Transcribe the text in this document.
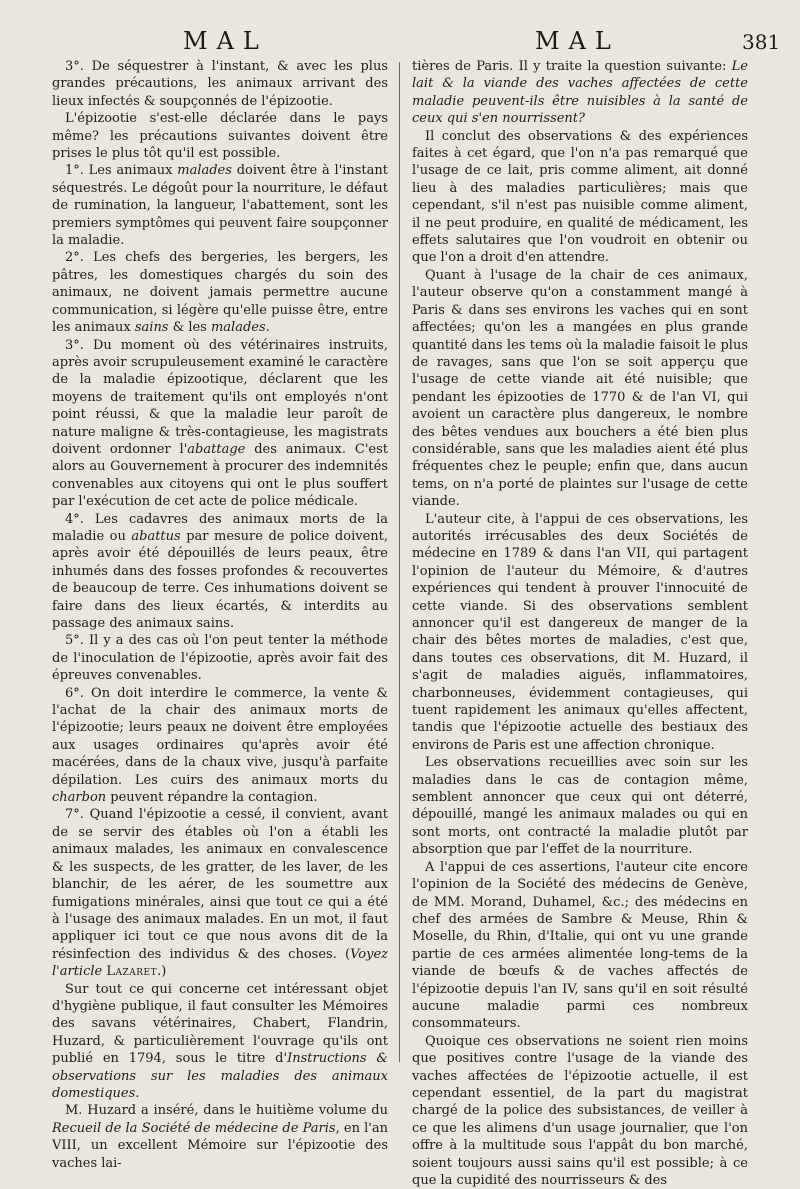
MAL	MAL	381

3°. De séquestrer à l'instant, & avec les plus grandes précautions, les animaux arrivant des lieux infectés & soupçonnés de l'épizootie.

L'épizootie s'est-elle déclarée dans le pays même? les précautions suivantes doivent être prises le plus tôt qu'il est possible.

1°. Les animaux malades doivent être à l'instant séquestrés. Le dégoût pour la nourriture, le défaut de rumination, la langueur, l'abattement, sont les premiers symptômes qui peuvent faire soupçonner la maladie.

2°. Les chefs des bergeries, les bergers, les pâtres, les domestiques chargés du soin des animaux, ne doivent jamais permettre aucune communication, si légère qu'elle puisse être, entre les animaux sains & les malades.

3°. Du moment où des vétérinaires instruits, après avoir scrupuleusement examiné le caractère de la maladie épizootique, déclarent que les moyens de traitement qu'ils ont employés n'ont point réussi, & que la maladie leur paroît de nature maligne & très-contagieuse, les magistrats doivent ordonner l'abattage des animaux. C'est alors au Gouvernement à procurer des indemnités convenables aux citoyens qui ont le plus souffert par l'exécution de cet acte de police médicale.

4°. Les cadavres des animaux morts de la maladie ou abattus par mesure de police doivent, après avoir été dépouillés de leurs peaux, être inhumés dans des fosses profondes & recouvertes de beaucoup de terre. Ces inhumations doivent se faire dans des lieux écartés, & interdits au passage des animaux sains.

5°. Il y a des cas où l'on peut tenter la méthode de l'inoculation de l'épizootie, après avoir fait des épreuves convenables.

6°. On doit interdire le commerce, la vente & l'achat de la chair des animaux morts de l'épizootie; leurs peaux ne doivent être employées aux usages ordinaires qu'après avoir été macérées, dans de la chaux vive, jusqu'à parfaite dépilation. Les cuirs des animaux morts du charbon peuvent répandre la contagion.

7°. Quand l'épizootie a cessé, il convient, avant de se servir des étables où l'on a établi les animaux malades, les animaux en convalescence & les suspects, de les gratter, de les laver, de les blanchir, de les aérer, de les soumettre aux fumigations minérales, ainsi que tout ce qui a été à l'usage des animaux malades. En un mot, il faut appliquer ici tout ce que nous avons dit de la résinfection des individus & des choses. (Voyez l'article Lazaret.)

Sur tout ce qui concerne cet intéressant objet d'hygiène publique, il faut consulter les Mémoires des savans vétérinaires, Chabert, Flandrin, Huzard, & particulièrement l'ouvrage qu'ils ont publié en 1794, sous le titre d'Instructions & observations sur les maladies des animaux domestiques.

M. Huzard a inséré, dans le huitième volume du Recueil de la Société de médecine de Paris, en l'an VIII, un excellent Mémoire sur l'épizootie des vaches lai-

tières de Paris. Il y traite la question suivante: Le lait & la viande des vaches affectées de cette maladie peuvent-ils être nuisibles à la santé de ceux qui s'en nourrissent?

Il conclut des observations & des expériences faites à cet égard, que l'on n'a pas remarqué que l'usage de ce lait, pris comme aliment, ait donné lieu à des maladies particulières; mais que cependant, s'il n'est pas nuisible comme aliment, il ne peut produire, en qualité de médicament, les effets salutaires que l'on voudroit en obtenir ou que l'on a droit d'en attendre.

Quant à l'usage de la chair de ces animaux, l'auteur observe qu'on a constamment mangé à Paris & dans ses environs les vaches qui en sont affectées; qu'on les a mangées en plus grande quantité dans les tems où la maladie faisoit le plus de ravages, sans que l'on se soit apperçu que l'usage de cette viande ait été nuisible; que pendant les épizooties de 1770 & de l'an VI, qui avoient un caractère plus dangereux, le nombre des bêtes vendues aux bouchers a été bien plus considérable, sans que les maladies aient été plus fréquentes chez le peuple; enfin que, dans aucun tems, on n'a porté de plaintes sur l'usage de cette viande.

L'auteur cite, à l'appui de ces observations, les autorités irrécusables des deux Sociétés de médecine en 1789 & dans l'an VII, qui partagent l'opinion de l'auteur du Mémoire, & d'autres expériences qui tendent à prouver l'innocuité de cette viande. Si des observations semblent annoncer qu'il est dangereux de manger de la chair des bêtes mortes de maladies, c'est que, dans toutes ces observations, dit M. Huzard, il s'agit de maladies aiguës, inflammatoires, charbonneuses, évidemment contagieuses, qui tuent rapidement les animaux qu'elles affectent, tandis que l'épizootie actuelle des bestiaux des environs de Paris est une affection chronique.

Les observations recueillies avec soin sur les maladies dans le cas de contagion même, semblent annoncer que ceux qui ont déterré, dépouillé, mangé les animaux malades ou qui en sont morts, ont contracté la maladie plutôt par absorption que par l'effet de la nourriture.

A l'appui de ces assertions, l'auteur cite encore l'opinion de la Société des médecins de Genève, de MM. Morand, Duhamel, &c.; des médecins en chef des armées de Sambre & Meuse, Rhin & Moselle, du Rhin, d'Italie, qui ont vu une grande partie de ces armées alimentée long-tems de la viande de bœufs & de vaches affectés de l'épizootie depuis l'an IV, sans qu'il en soit résulté aucune maladie parmi ces nombreux consommateurs.

Quoique ces observations ne soient rien moins que positives contre l'usage de la viande des vaches affectées de l'épizootie actuelle, il est cependant essentiel, de la part du magistrat chargé de la police des subsistances, de veiller à ce que les alimens d'un usage journalier, que l'on offre à la multitude sous l'appât du bon marché, soient toujours aussi sains qu'il est possible; à ce que la cupidité des nourrisseurs & des
